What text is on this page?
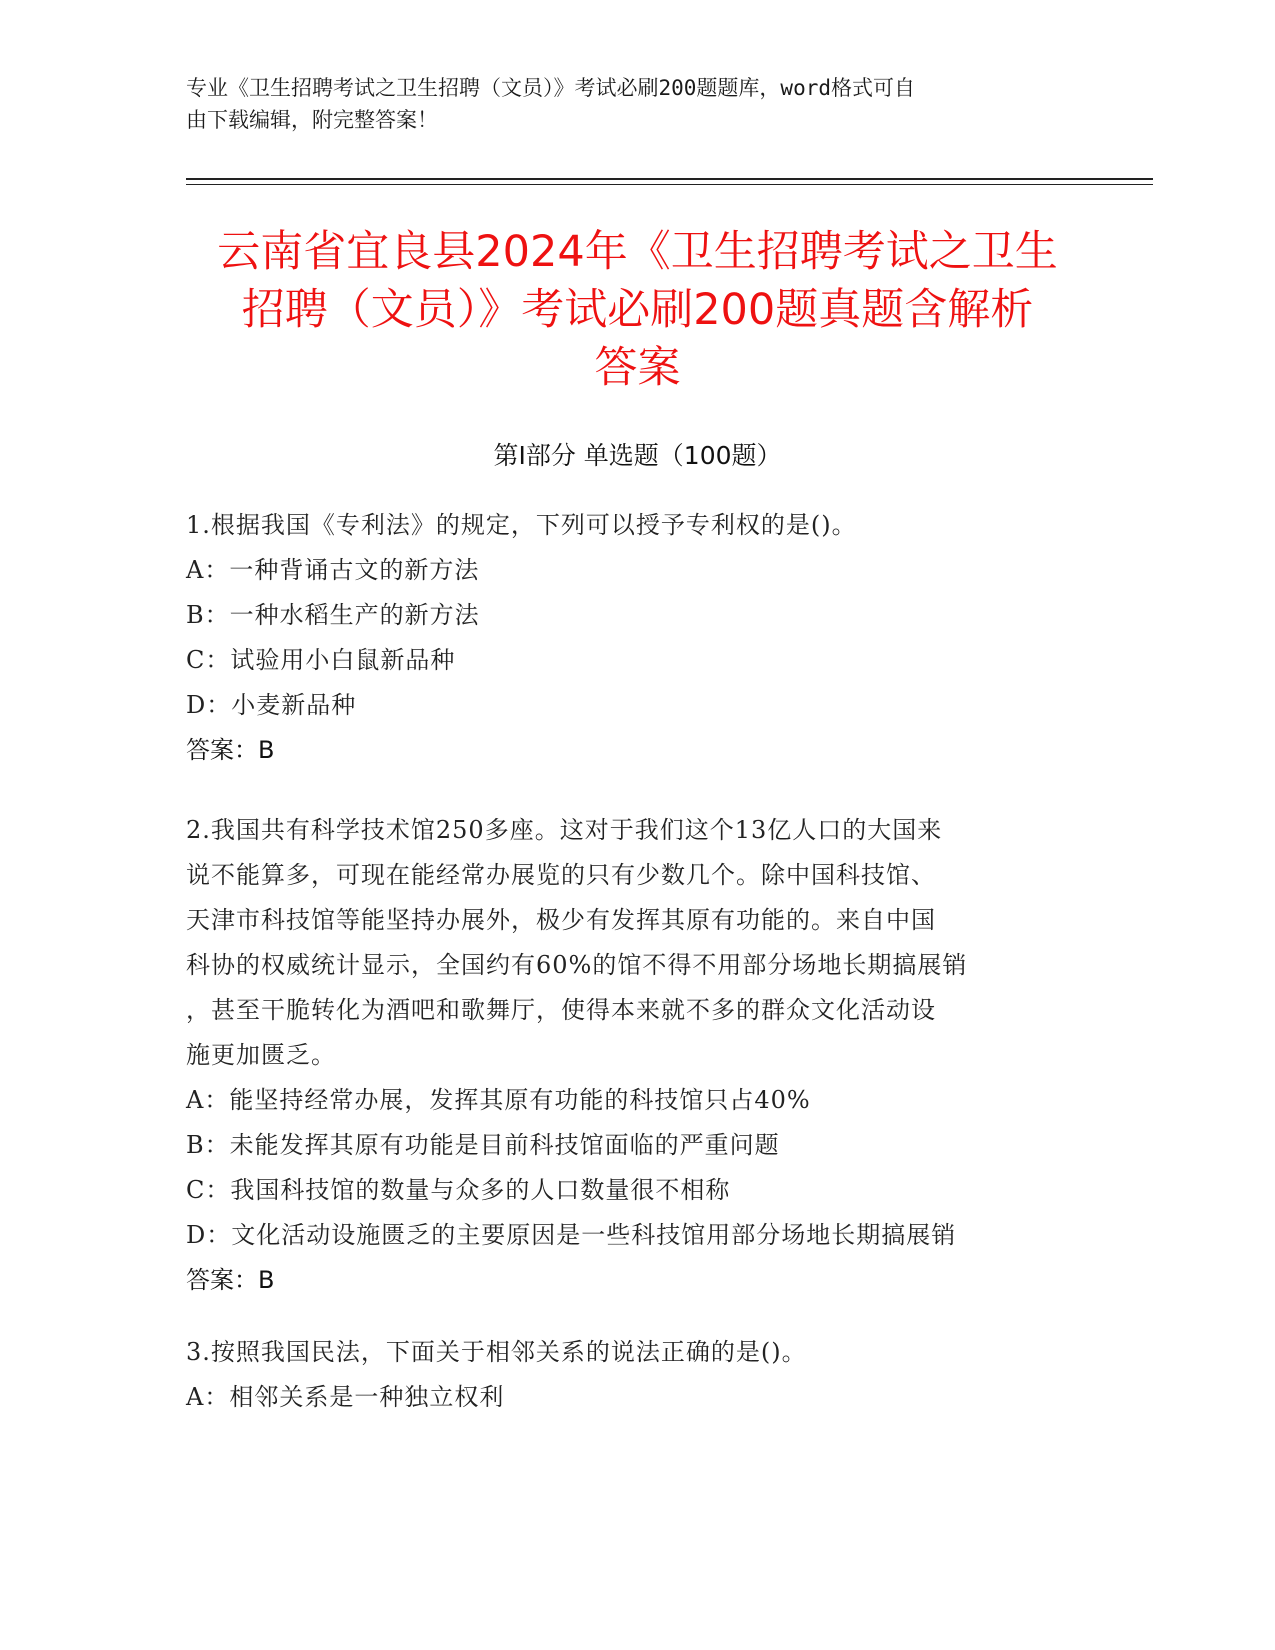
专业《卫生招聘考试之卫生招聘（文员）》考试必刷200题题库，word格式可自
由下载编辑，附完整答案！
云南省宜良县2024年《卫生招聘考试之卫生
招聘（文员）》考试必刷200题真题含解析
答案
第Ⅰ部分 单选题（100题）
1.根据我国《专利法》的规定，下列可以授予专利权的是()。
A：一种背诵古文的新方法
B：一种水稻生产的新方法
C：试验用小白鼠新品种
D：小麦新品种
答案：B
2.我国共有科学技术馆250多座。这对于我们这个13亿人口的大国来
说不能算多，可现在能经常办展览的只有少数几个。除中国科技馆、
天津市科技馆等能坚持办展外，极少有发挥其原有功能的。来自中国
科协的权威统计显示，全国约有60%的馆不得不用部分场地长期搞展销
，甚至干脆转化为酒吧和歌舞厅，使得本来就不多的群众文化活动设
施更加匮乏。
A：能坚持经常办展，发挥其原有功能的科技馆只占40%
B：未能发挥其原有功能是目前科技馆面临的严重问题
C：我国科技馆的数量与众多的人口数量很不相称
D：文化活动设施匮乏的主要原因是一些科技馆用部分场地长期搞展销
答案：B
3.按照我国民法，下面关于相邻关系的说法正确的是()。
A：相邻关系是一种独立权利
